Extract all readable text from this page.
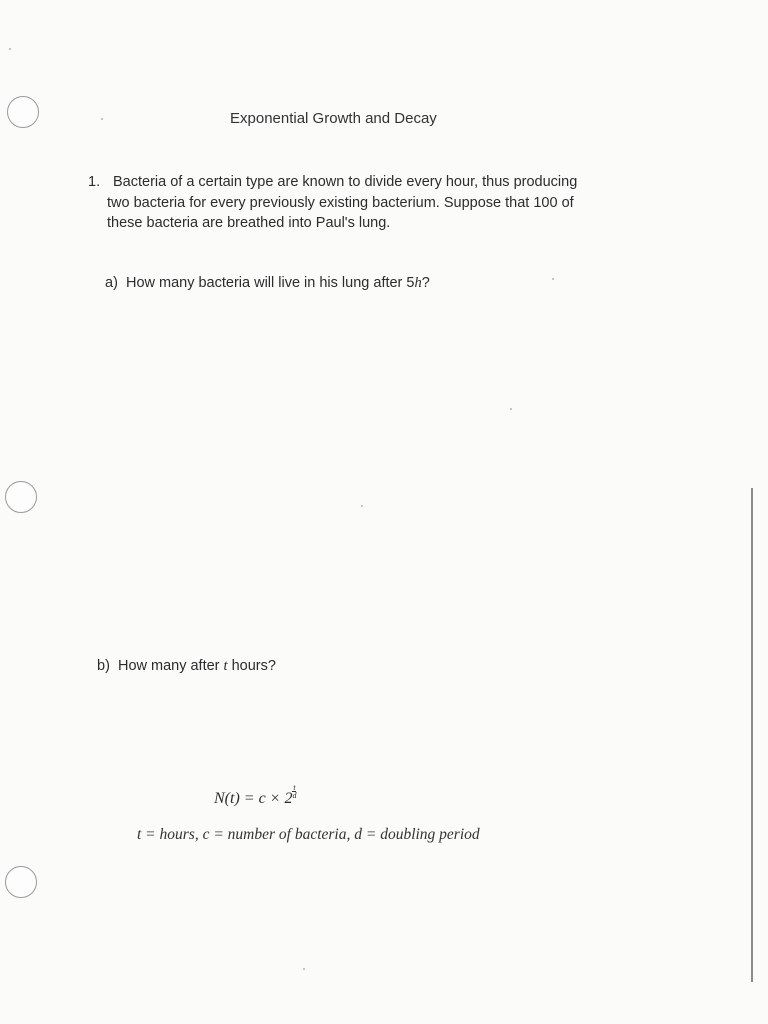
Exponential Growth and Decay
1. Bacteria of a certain type are known to divide every hour, thus producing
two bacteria for every previously existing bacterium. Suppose that 100 of
these bacteria are breathed into Paul's lung.
a) How many bacteria will live in his lung after 5h?
b) How many after t hours?
$N(t) = c \times 2 \frac{t}{d}$
t = hours, c = number of bacteria, d = doubling period
